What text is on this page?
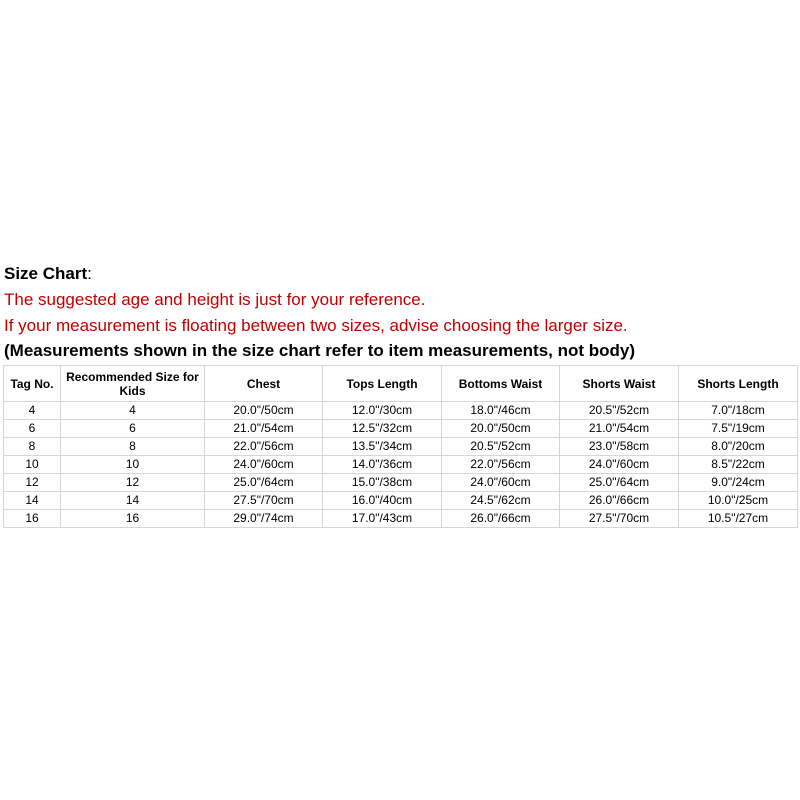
Size Chart:
The suggested age and height is just for your reference.
If your measurement is floating between two sizes, advise choosing the larger size.
(Measurements shown in the size chart refer to item measurements, not body)
Tag No.	Recommended Size for Kids	Chest	Tops Length	Bottoms Waist	Shorts Waist	Shorts Length
4	4	20.0"/50cm	12.0"/30cm	18.0"/46cm	20.5"/52cm	7.0"/18cm
6	6	21.0"/54cm	12.5"/32cm	20.0"/50cm	21.0"/54cm	7.5"/19cm
8	8	22.0"/56cm	13.5"/34cm	20.5"/52cm	23.0"/58cm	8.0"/20cm
10	10	24.0"/60cm	14.0"/36cm	22.0"/56cm	24.0"/60cm	8.5"/22cm
12	12	25.0"/64cm	15.0"/38cm	24.0"/60cm	25.0"/64cm	9.0"/24cm
14	14	27.5"/70cm	16.0"/40cm	24.5"/62cm	26.0"/66cm	10.0"/25cm
16	16	29.0"/74cm	17.0"/43cm	26.0"/66cm	27.5"/70cm	10.5"/27cm
